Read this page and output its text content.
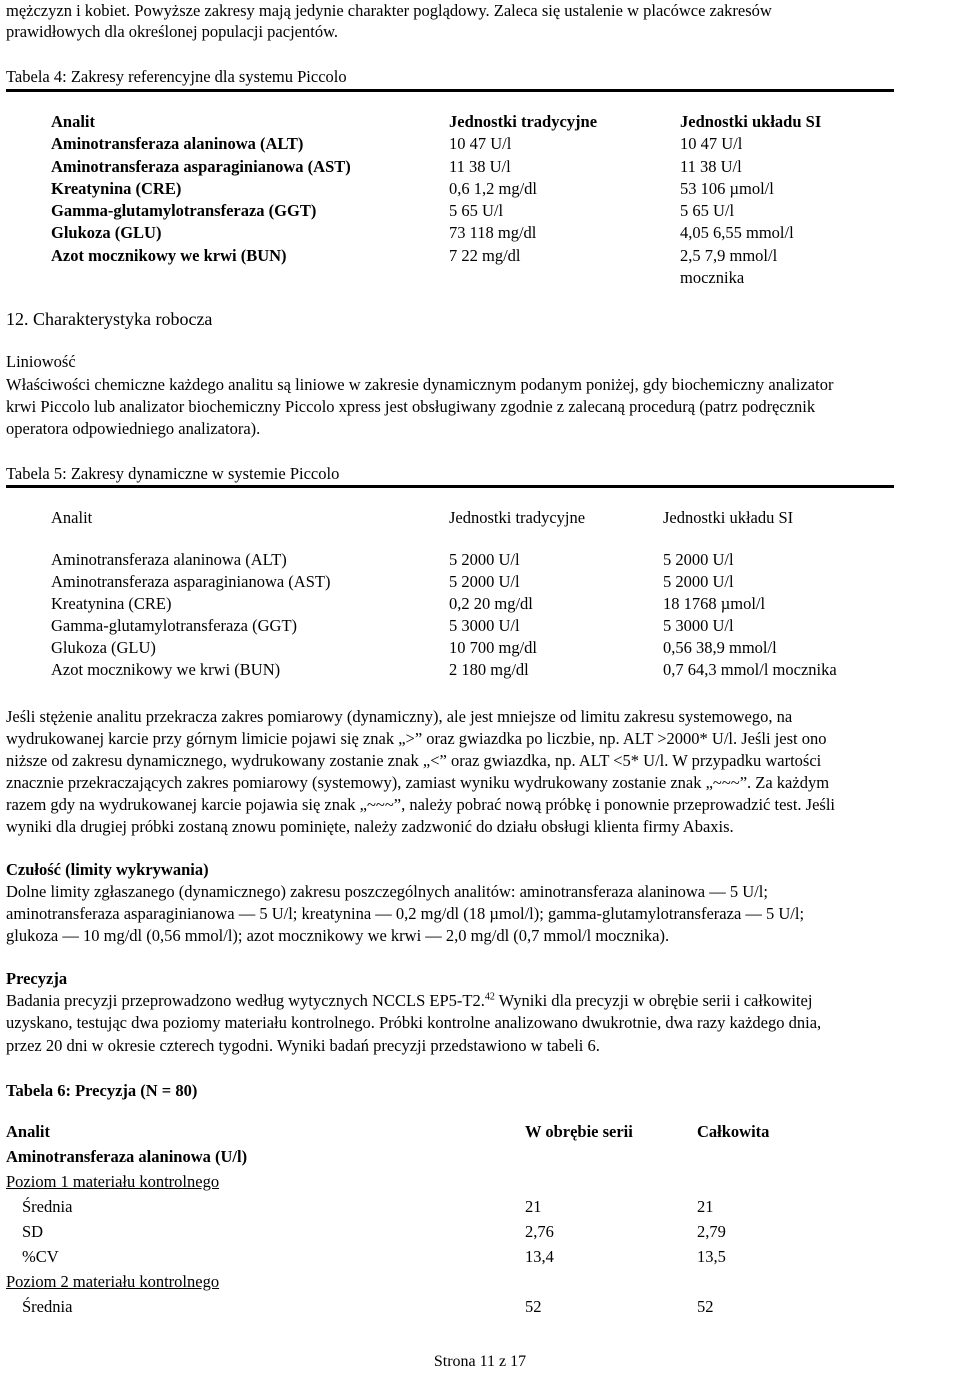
mężczyzn i kobiet. Powyższe zakresy mają jedynie charakter poglądowy. Zaleca się ustalenie w placówce zakresów

prawidłowych dla określonej populacji pacjentów.

Tabela 4: Zakresy referencyjne dla systemu Piccolo
Analit	Jednostki tradycyjne	Jednostki układu SI
Aminotransferaza alaninowa (ALT)	10 47 U/l	10 47 U/l
Aminotransferaza asparaginianowa (AST)	11 38 U/l	11 38 U/l
Kreatynina (CRE)	0,6 1,2 mg/dl	53 106 µmol/l
Gamma-glutamylotransferaza (GGT)	5 65 U/l	5 65 U/l
Glukoza (GLU)	73 118 mg/dl	4,05 6,55 mmol/l
Azot mocznikowy we krwi (BUN)	7 22 mg/dl	2,5 7,9 mmol/l
		mocznika
12. Charakterystyka robocza
Liniowość

Właściwości chemiczne każdego analitu są liniowe w zakresie dynamicznym podanym poniżej, gdy biochemiczny analizator

krwi Piccolo lub analizator biochemiczny Piccolo xpress jest obsługiwany zgodnie z zalecaną procedurą (patrz podręcznik

operatora odpowiedniego analizatora).

Tabela 5: Zakresy dynamiczne w systemie Piccolo
Analit	Jednostki tradycyjne	Jednostki układu SI
Aminotransferaza alaninowa (ALT)	5 2000 U/l	5 2000 U/l
Aminotransferaza asparaginianowa (AST)	5 2000 U/l	5 2000 U/l
Kreatynina (CRE)	0,2 20 mg/dl	18 1768 µmol/l
Gamma-glutamylotransferaza (GGT)	5 3000 U/l	5 3000 U/l
Glukoza (GLU)	10 700 mg/dl	0,56 38,9 mmol/l
Azot mocznikowy we krwi (BUN)	2 180 mg/dl	0,7 64,3 mmol/l mocznika

Jeśli stężenie analitu przekracza zakres pomiarowy (dynamiczny), ale jest mniejsze od limitu zakresu systemowego, na

wydrukowanej karcie przy górnym limicie pojawi się znak „>” oraz gwiazdka po liczbie, np. ALT >2000* U/l. Jeśli jest ono

niższe od zakresu dynamicznego, wydrukowany zostanie znak „<” oraz gwiazdka, np. ALT <5* U/l. W przypadku wartości

znacznie przekraczających zakres pomiarowy (systemowy), zamiast wyniku wydrukowany zostanie znak „~~~”. Za każdym

razem gdy na wydrukowanej karcie pojawia się znak „~~~”, należy pobrać nową próbkę i ponownie przeprowadzić test. Jeśli

wyniki dla drugiej próbki zostaną znowu pominięte, należy zadzwonić do działu obsługi klienta firmy Abaxis.

Czułość (limity wykrywania)

Dolne limity zgłaszanego (dynamicznego) zakresu poszczególnych analitów: aminotransferaza alaninowa — 5 U/l;

aminotransferaza asparaginianowa — 5 U/l; kreatynina — 0,2 mg/dl (18 µmol/l); gamma-glutamylotransferaza — 5 U/l;

glukoza — 10 mg/dl (0,56 mmol/l); azot mocznikowy we krwi — 2,0 mg/dl (0,7 mmol/l mocznika).

Precyzja

Badania precyzji przeprowadzono według wytycznych NCCLS EP5-T2.42 Wyniki dla precyzji w obrębie serii i całkowitej

uzyskano, testując dwa poziomy materiału kontrolnego. Próbki kontrolne analizowano dwukrotnie, dwa razy każdego dnia,

przez 20 dni w okresie czterech tygodni. Wyniki badań precyzji przedstawiono w tabeli 6.

Tabela 6: Precyzja (N = 80)
Analit	W obrębie serii	Całkowita
Aminotransferaza alaninowa (U/l)		
Poziom 1 materiału kontrolnego		
Średnia	21	21
SD	2,76	2,79
%CV	13,4	13,5
Poziom 2 materiału kontrolnego		
Średnia	52	52
Strona 11 z 17
